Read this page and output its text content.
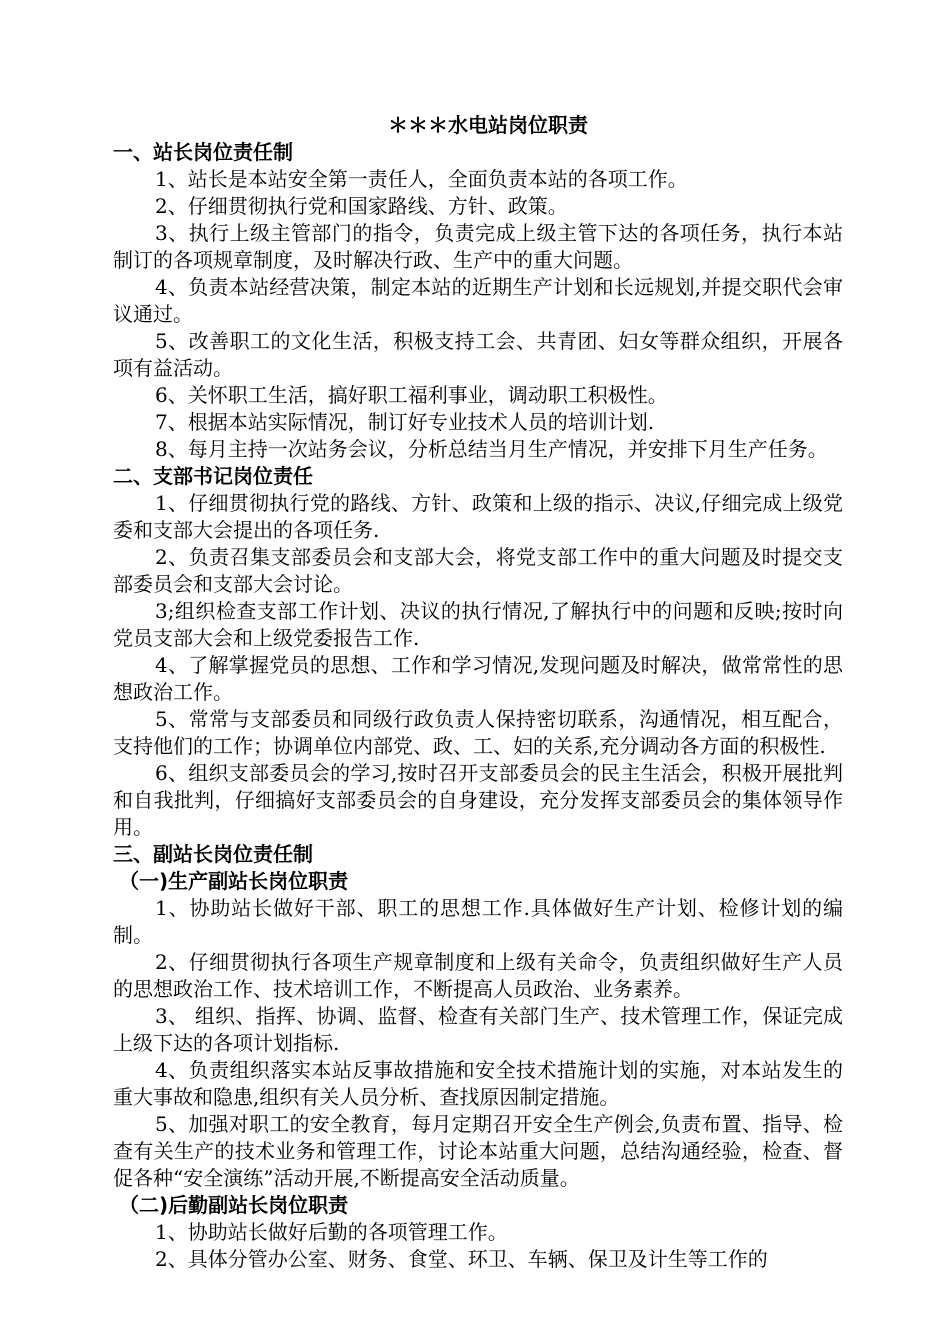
＊＊＊水电站岗位职责

一、站长岗位责任制

1、站长是本站安全第一责任人，全面负责本站的各项工作。

2、仔细贯彻执行党和国家路线、方针、政策。

3、执行上级主管部门的指令，负责完成上级主管下达的各项任务，执行本站制订的各项规章制度，及时解决行政、生产中的重大问题。

4、负责本站经营决策，制定本站的近期生产计划和长远规划,并提交职代会审议通过。

5、改善职工的文化生活，积极支持工会、共青团、妇女等群众组织，开展各项有益活动。

6、关怀职工生活，搞好职工福利事业，调动职工积极性。

7、根据本站实际情况，制订好专业技术人员的培训计划.

8、每月主持一次站务会议，分析总结当月生产情况，并安排下月生产任务。

二、支部书记岗位责任

1、仔细贯彻执行党的路线、方针、政策和上级的指示、决议,仔细完成上级党委和支部大会提出的各项任务.

2、负责召集支部委员会和支部大会，将党支部工作中的重大问题及时提交支部委员会和支部大会讨论。

3;组织检查支部工作计划、决议的执行情况,了解执行中的问题和反映;按时向党员支部大会和上级党委报告工作.

4、了解掌握党员的思想、工作和学习情况,发现问题及时解决，做常常性的思想政治工作。

5、常常与支部委员和同级行政负责人保持密切联系，沟通情况，相互配合，支持他们的工作；协调单位内部党、政、工、妇的关系,充分调动各方面的积极性.

6、组织支部委员会的学习,按时召开支部委员会的民主生活会，积极开展批判和自我批判，仔细搞好支部委员会的自身建设，充分发挥支部委员会的集体领导作用。

三、副站长岗位责任制

（一)生产副站长岗位职责

1、协助站长做好干部、职工的思想工作.具体做好生产计划、检修计划的编制。

2、仔细贯彻执行各项生产规章制度和上级有关命令，负责组织做好生产人员的思想政治工作、技术培训工作，不断提高人员政治、业务素养。

3、 组织、指挥、协调、监督、检查有关部门生产、技术管理工作，保证完成上级下达的各项计划指标.

4、负责组织落实本站反事故措施和安全技术措施计划的实施，对本站发生的重大事故和隐患,组织有关人员分析、查找原因制定措施。

5、加强对职工的安全教育，每月定期召开安全生产例会,负责布置、指导、检查有关生产的技术业务和管理工作，讨论本站重大问题，总结沟通经验，检查、督促各种“安全演练”活动开展,不断提高安全活动质量。

（二)后勤副站长岗位职责

1、协助站长做好后勤的各项管理工作。

2、具体分管办公室、财务、食堂、环卫、车辆、保卫及计生等工作的
